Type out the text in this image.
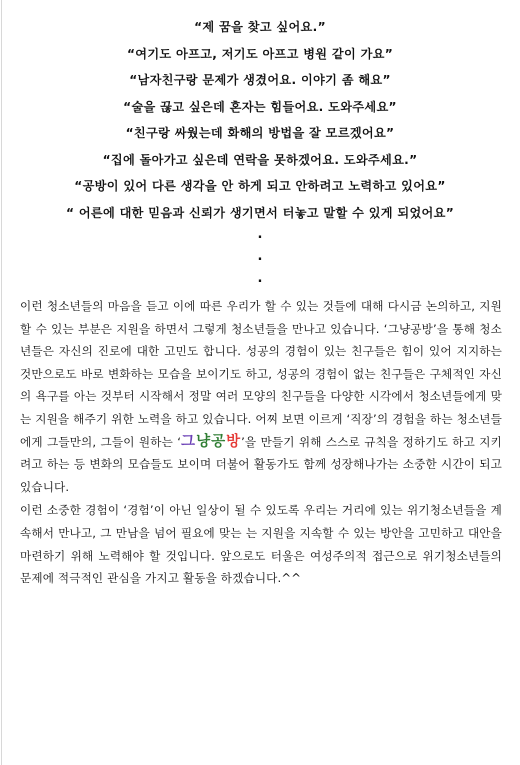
“제 꿈을 찾고 싶어요.”

“여기도 아프고, 저기도 아프고 병원 같이 가요”

“남자친구랑 문제가 생겼어요. 이야기 좀 해요”

“술을 끊고 싶은데 혼자는 힘들어요. 도와주세요”

“친구랑 싸웠는데 화해의 방법을 잘 모르겠어요”

“집에 돌아가고 싶은데 연락을 못하겠어요. 도와주세요.”

“공방이 있어 다른 생각을 안 하게 되고 안하려고 노력하고 있어요”

“ 어른에 대한 믿음과 신뢰가 생기면서 터놓고 말할 수 있게 되었어요”

.
.
.

이런 청소년들의 마음을 듣고 이에 따른 우리가 할 수 있는 것들에 대해 다시금 논의하고, 지원할 수 있는 부분은 지원을 하면서 그렇게 청소년들을 만나고 있습니다. ‘그냥공방’을 통해 청소년들은 자신의 진로에 대한 고민도 합니다. 성공의 경험이 있는 친구들은 힘이 있어 지지하는 것만으로도 바로 변화하는 모습을 보이기도 하고, 성공의 경험이 없는 친구들은 구체적인 자신의 욕구를 아는 것부터 시작해서 정말 여러 모양의 친구들을 다양한 시각에서 청소년들에게 맞는 지원을 해주기 위한 노력을 하고 있습니다. 어찌 보면 이르게 ‘직장’의 경험을 하는 청소년들에게 그들만의, 그들이 원하는 ‘그냥공방’을 만들기 위해 스스로 규칙을 정하기도 하고 지키려고 하는 등 변화의 모습들도 보이며 더불어 활동가도 함께 성장해나가는 소중한 시간이 되고 있습니다.

이런 소중한 경험이 ‘경험’이 아닌 일상이 될 수 있도록 우리는 거리에 있는 위기청소년들을 계속해서 만나고, 그 만남을 넘어 필요에 맞는 는 지원을 지속할 수 있는 방안을 고민하고 대안을 마련하기 위해 노력해야 할 것입니다. 앞으로도 터울은 여성주의적 접근으로 위기청소년들의 문제에 적극적인 관심을 가지고 활동을 하겠습니다.^^
